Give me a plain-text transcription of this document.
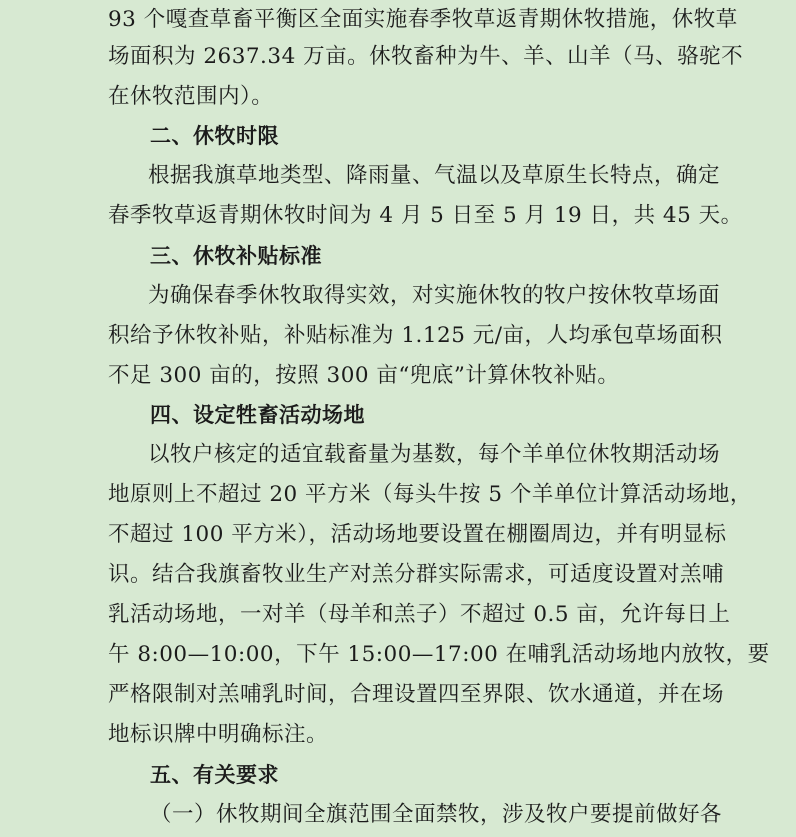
93 个嘎查草畜平衡区全面实施春季牧草返青期休牧措施，休牧草
场面积为 2637.34 万亩。休牧畜种为牛、羊、山羊（马、骆驼不
在休牧范围内）。
二、休牧时限
根据我旗草地类型、降雨量、气温以及草原生长特点，确定
春季牧草返青期休牧时间为 4 月 5 日至 5 月 19 日，共 45 天。
三、休牧补贴标准
为确保春季休牧取得实效，对实施休牧的牧户按休牧草场面
积给予休牧补贴，补贴标准为 1.125 元/亩，人均承包草场面积
不足 300 亩的，按照 300 亩“兜底”计算休牧补贴。
四、设定牲畜活动场地
以牧户核定的适宜载畜量为基数，每个羊单位休牧期活动场
地原则上不超过 20 平方米（每头牛按 5 个羊单位计算活动场地，
不超过 100 平方米），活动场地要设置在棚圈周边，并有明显标
识。结合我旗畜牧业生产对羔分群实际需求，可适度设置对羔哺
乳活动场地，一对羊（母羊和羔子）不超过 0.5 亩，允许每日上
午 8:00—10:00，下午 15:00—17:00 在哺乳活动场地内放牧，要
严格限制对羔哺乳时间，合理设置四至界限、饮水通道，并在场
地标识牌中明确标注。
五、有关要求
（一）休牧期间全旗范围全面禁牧，涉及牧户要提前做好各
